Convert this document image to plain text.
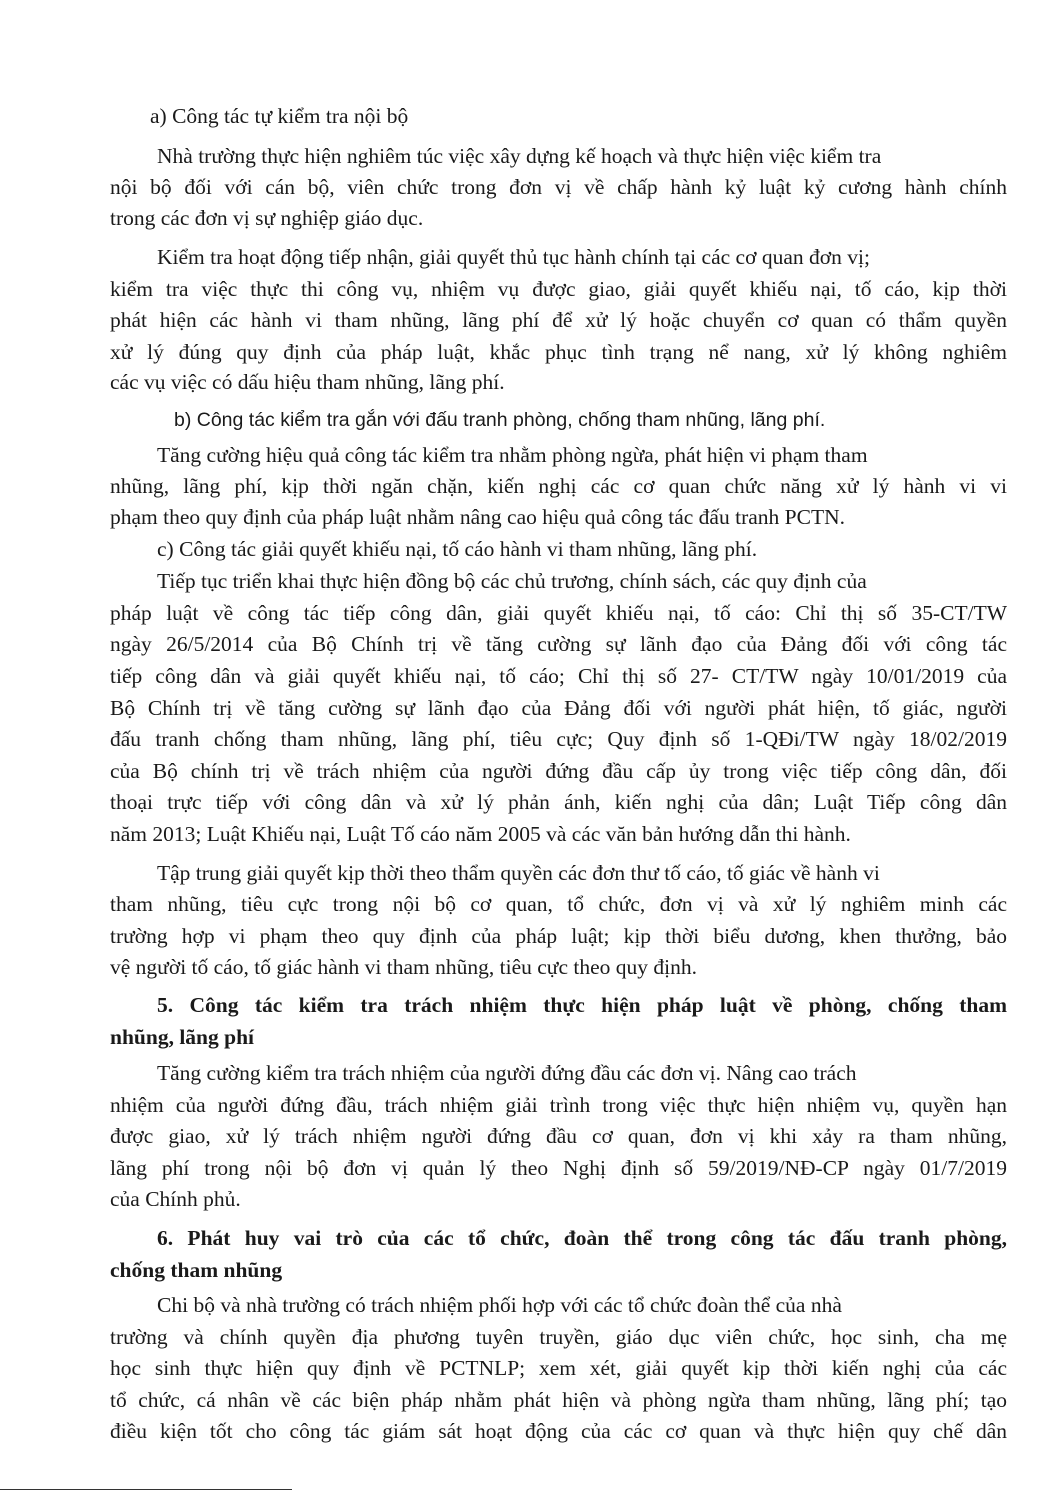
a) Công tác tự kiểm tra nội bộ
Nhà trường thực hiện nghiêm túc việc xây dựng kế hoạch và thực hiện việc kiểm tra
nội bộ đối với cán bộ, viên chức trong đơn vị về chấp hành kỷ luật kỷ cương hành chính
trong các đơn vị sự nghiệp giáo dục.
Kiểm tra hoạt động tiếp nhận, giải quyết thủ tục hành chính tại các cơ quan đơn vị;
kiểm tra việc thực thi công vụ, nhiệm vụ được giao, giải quyết khiếu nại, tố cáo, kịp thời
phát hiện các hành vi tham nhũng, lãng phí để xử lý hoặc chuyển cơ quan có thẩm quyền
xử lý đúng quy định của pháp luật, khắc phục tình trạng nể nang, xử lý không nghiêm
các vụ việc có dấu hiệu tham nhũng, lãng phí.
b) Công tác kiểm tra gắn với đấu tranh phòng, chống tham nhũng, lãng phí.
Tăng cường hiệu quả công tác kiểm tra nhằm phòng ngừa, phát hiện vi phạm tham
nhũng, lãng phí, kịp thời ngăn chặn, kiến nghị các cơ quan chức năng xử lý hành vi vi
phạm theo quy định của pháp luật nhằm nâng cao hiệu quả công tác đấu tranh PCTN.
c) Công tác giải quyết khiếu nại, tố cáo hành vi tham nhũng, lãng phí.
Tiếp tục triển khai thực hiện đồng bộ các chủ trương, chính sách, các quy định của
pháp luật về công tác tiếp công dân, giải quyết khiếu nại, tố cáo: Chỉ thị số 35-CT/TW
ngày 26/5/2014 của Bộ Chính trị về tăng cường sự lãnh đạo của Đảng đối với công tác
tiếp công dân và giải quyết khiếu nại, tố cáo; Chỉ thị số 27- CT/TW ngày 10/01/2019 của
Bộ Chính trị về tăng cường sự lãnh đạo của Đảng đối với người phát hiện, tố giác, người
đấu tranh chống tham nhũng, lãng phí, tiêu cực; Quy định số 1-QĐi/TW ngày 18/02/2019
của Bộ chính trị về trách nhiệm của người đứng đầu cấp ủy trong việc tiếp công dân, đối
thoại trực tiếp với công dân và xử lý phản ánh, kiến nghị của dân; Luật Tiếp công dân
năm 2013; Luật Khiếu nại, Luật Tố cáo năm 2005 và các văn bản hướng dẫn thi hành.
Tập trung giải quyết kịp thời theo thẩm quyền các đơn thư tố cáo, tố giác về hành vi
tham nhũng, tiêu cực trong nội bộ cơ quan, tổ chức, đơn vị và xử lý nghiêm minh các
trường hợp vi phạm theo quy định của pháp luật; kịp thời biểu dương, khen thưởng, bảo
vệ người tố cáo, tố giác hành vi tham nhũng, tiêu cực theo quy định.
5. Công tác kiểm tra trách nhiệm thực hiện pháp luật về phòng, chống tham
nhũng, lãng phí
Tăng cường kiểm tra trách nhiệm của người đứng đầu các đơn vị. Nâng cao trách
nhiệm của người đứng đầu, trách nhiệm giải trình trong việc thực hiện nhiệm vụ, quyền hạn
được giao, xử lý trách nhiệm người đứng đầu cơ quan, đơn vị khi xảy ra tham nhũng,
lãng phí trong nội bộ đơn vị quản lý theo Nghị định số 59/2019/NĐ-CP ngày 01/7/2019
của Chính phủ.
6. Phát huy vai trò của các tổ chức, đoàn thể trong công tác đấu tranh phòng,
chống tham nhũng
Chi bộ và nhà trường có trách nhiệm phối hợp với các tổ chức đoàn thể của nhà
trường và chính quyền địa phương tuyên truyền, giáo dục viên chức, học sinh, cha mẹ
học sinh thực hiện quy định về PCTNLP; xem xét, giải quyết kịp thời kiến nghị của các
tổ chức, cá nhân về các biện pháp nhằm phát hiện và phòng ngừa tham nhũng, lãng phí; tạo
điều kiện tốt cho công tác giám sát hoạt động của các cơ quan và thực hiện quy chế dân
